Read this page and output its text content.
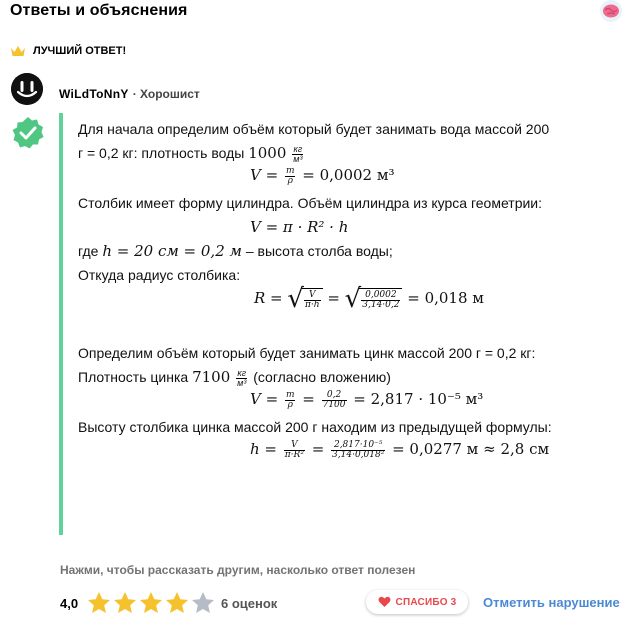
Ответы и объяснения
ЛУЧШИЙ ОТВЕТ!
WiLdToNnY · Хорошист
Для начала определим объём который будет занимать вода массой 200
г = 0,2 кг: плотность воды $1000 \frac{кг}{\text{м³}}$
$V = \frac{m}{\rho} = 0,0002$ м³
Столбик имеет форму цилиндра. Объём цилиндра из курса геометрии:
V = π · R² · h
где h = 20 см = 0,2 м – высота столба воды;
Откуда радиус столбика:
R = √ $\frac{V}{\pi\cdot h}$ = √ $\frac{0,0002}{3,14\cdot 0,2} = 0,018$ м
Определим объём который будет занимать цинк массой 200 г = 0,2 кг:
Плотность цинка $7100 \frac{кг}{\text{м³}}$ (согласно вложению)
$V = \frac{m}{\rho} = \frac{0,2}{7100} = 2,817 \cdot 10^{-5}$ м³
Высоту столбика цинка массой 200 г находим из предыдущей формулы:
$h = \frac{V}{\text{π·R²}} = \frac{\text{2,817·10⁻⁵}}{\text{3,14·0,018²}} = 0,0277$ м ≈ 2,8 см
Нажми, чтобы рассказать другим, насколько ответ полезен
4,0	6 оценок	СПАСИБО 3 Отметить нарушение
